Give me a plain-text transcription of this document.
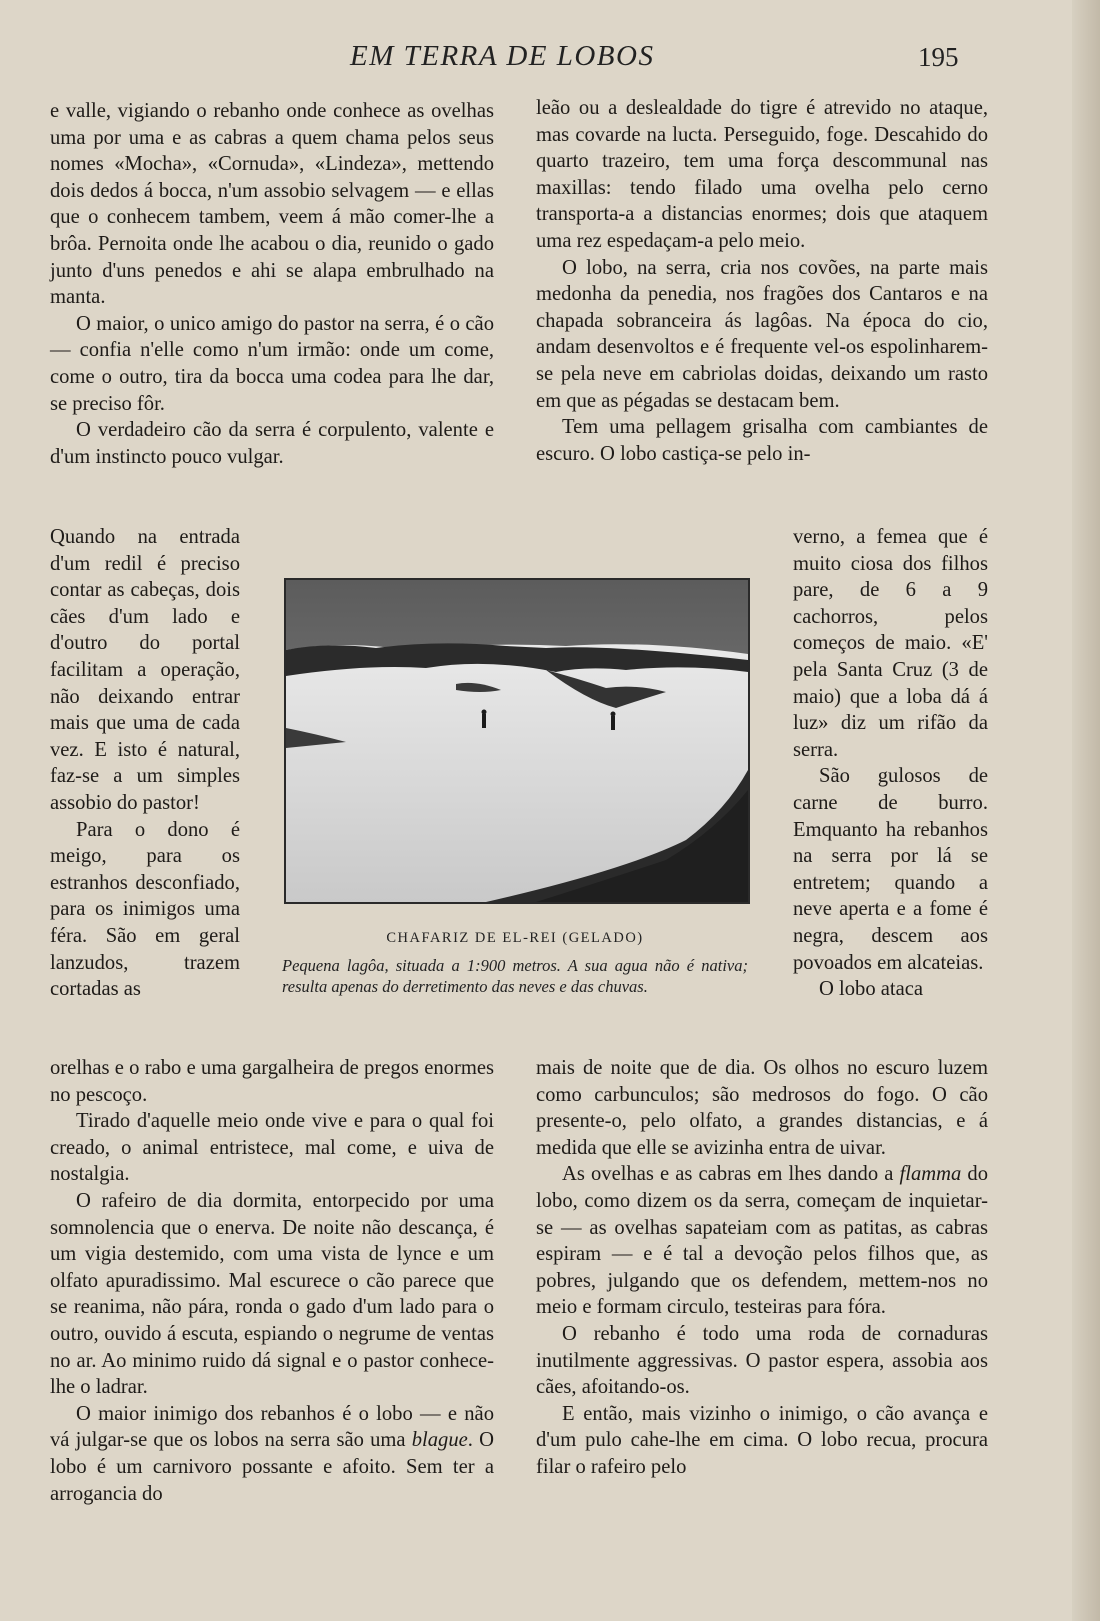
EM TERRA DE LOBOS	195

e valle, vigiando o rebanho onde conhece as ovelhas uma por uma e as cabras a quem chama pelos seus nomes «Mocha», «Cornuda», «Lindeza», mettendo dois dedos á bocca, n'um assobio selvagem — e ellas que o conhecem tambem, veem á mão comer-lhe a brôa. Pernoita onde lhe acabou o dia, reunido o gado junto d'uns penedos e ahi se alapa embrulhado na manta.

O maior, o unico amigo do pastor na serra, é o cão — confia n'elle como n'um irmão: onde um come, come o outro, tira da bocca uma codea para lhe dar, se preciso fôr.

O verdadeiro cão da serra é corpulento, valente e d'um instincto pouco vulgar.

Quando na entrada d'um redil é preciso contar as cabeças, dois cães d'um lado e d'outro do portal facilitam a operação, não deixando entrar mais que uma de cada vez. E isto é natural, faz-se a um simples assobio do pastor!

Para o dono é meigo, para os estranhos desconfiado, para os inimigos uma féra. São em geral lanzudos, trazem cortadas as

CHAFARIZ DE EL-REI (GELADO)
Pequena lagôa, situada a 1:900 metros. A sua agua não é nativa; resulta apenas do derretimento das neves e das chuvas.

orelhas e o rabo e uma gargalheira de pregos enormes no pescoço.

Tirado d'aquelle meio onde vive e para o qual foi creado, o animal entristece, mal come, e uiva de nostalgia.

O rafeiro de dia dormita, entorpecido por uma somnolencia que o enerva. De noite não descança, é um vigia destemido, com uma vista de lynce e um olfato apuradissimo. Mal escurece o cão parece que se reanima, não pára, ronda o gado d'um lado para o outro, ouvido á escuta, espiando o negrume de ventas no ar. Ao minimo ruido dá signal e o pastor conhece-lhe o ladrar.

O maior inimigo dos rebanhos é o lobo — e não vá julgar-se que os lobos na serra são uma blague. O lobo é um carnivoro possante e afoito. Sem ter a arrogancia do

leão ou a deslealdade do tigre é atrevido no ataque, mas covarde na lucta. Perseguido, foge. Descahido do quarto trazeiro, tem uma força descommunal nas maxillas: tendo filado uma ovelha pelo cerno transporta-a a distancias enormes; dois que ataquem uma rez espedaçam-a pelo meio.

O lobo, na serra, cria nos covões, na parte mais medonha da penedia, nos fragões dos Cantaros e na chapada sobranceira ás lagôas. Na época do cio, andam desenvoltos e é frequente vel-os espolinharem-se pela neve em cabriolas doidas, deixando um rasto em que as pégadas se destacam bem.

Tem uma pellagem grisalha com cambiantes de escuro. O lobo castiça-se pelo in-

verno, a femea que é muito ciosa dos filhos pare, de 6 a 9 cachorros, pelos começos de maio. «E' pela Santa Cruz (3 de maio) que a loba dá á luz» diz um rifão da serra.

São gulosos de carne de burro. Emquanto ha rebanhos na serra por lá se entretem; quando a neve aperta e a fome é negra, descem aos povoados em alcateias.

O lobo ataca

mais de noite que de dia. Os olhos no escuro luzem como carbunculos; são medrosos do fogo. O cão presente-o, pelo olfato, a grandes distancias, e á medida que elle se avizinha entra de uivar.

As ovelhas e as cabras em lhes dando a flamma do lobo, como dizem os da serra, começam de inquietar-se — as ovelhas sapateiam com as patitas, as cabras espiram — e é tal a devoção pelos filhos que, as pobres, julgando que os defendem, mettem-nos no meio e formam circulo, testeiras para fóra.

O rebanho é todo uma roda de cornaduras inutilmente aggressivas. O pastor espera, assobia aos cães, afoitando-os.

E então, mais vizinho o inimigo, o cão avança e d'um pulo cahe-lhe em cima. O lobo recua, procura filar o rafeiro pelo
